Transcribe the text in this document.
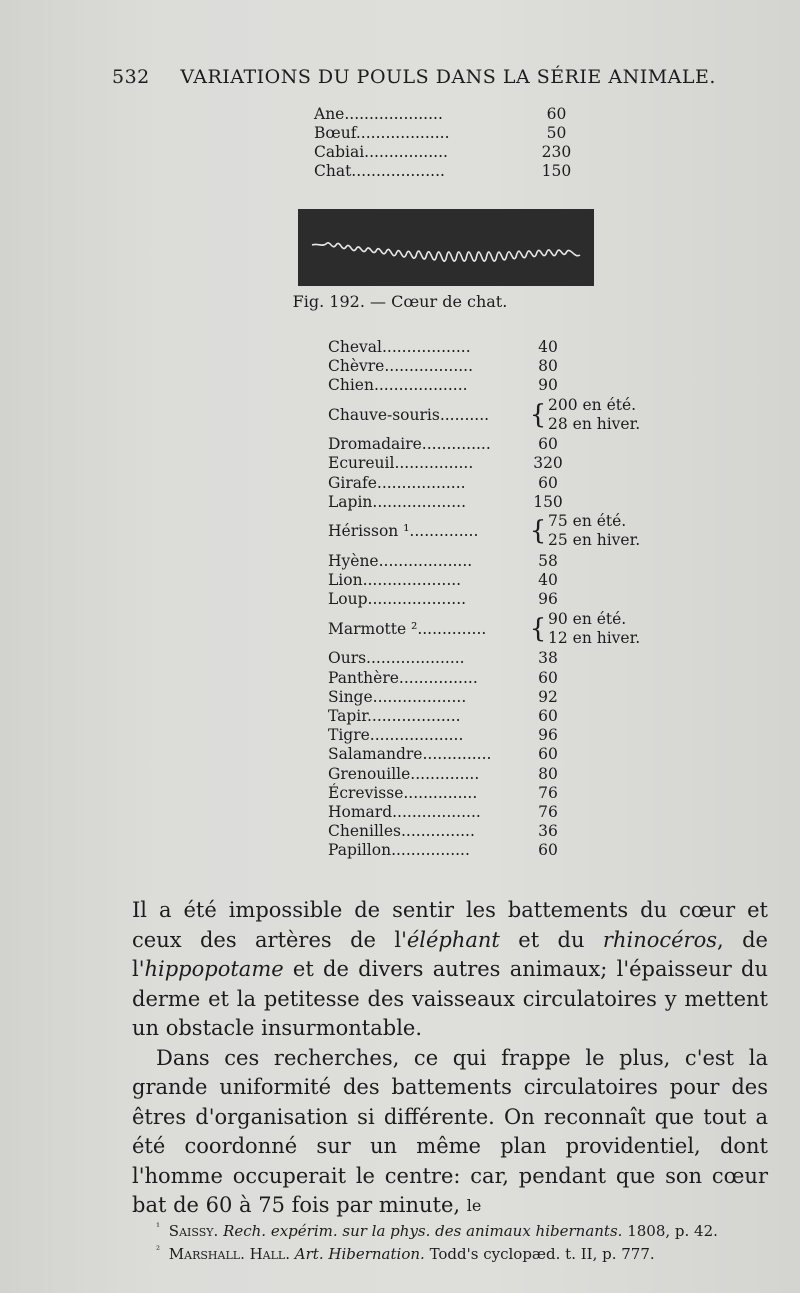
532 VARIATIONS DU POULS DANS LA SÉRIE ANIMALE.
Ane....................	60
Bœuf...................	50
Cabiai.................	230
Chat...................	150
Fig. 192. — Cœur de chat.
Cheval..................	40
Chèvre..................	80
Chien...................	90
Chauve-souris..........	{ 200 en été.
28 en hiver.
Dromadaire..............	60
Ecureuil................	320
Girafe..................	60
Lapin...................	150
Hérisson ¹..............	{ 75 en été.
25 en hiver.
Hyène...................	58
Lion....................	40
Loup....................	96
Marmotte ²..............	{ 90 en été.
12 en hiver.
Ours....................	38
Panthère................	60
Singe...................	92
Tapir...................	60
Tigre...................	96
Salamandre..............	60
Grenouille..............	80
Écrevisse...............	76
Homard..................	76
Chenilles...............	36
Papillon................	60

Il a été impossible de sentir les battements du cœur et ceux des artères de l'éléphant et du rhinocéros, de l'hippopotame et de divers autres animaux; l'épaisseur du derme et la petitesse des vaisseaux circulatoires y mettent un obstacle insurmontable.

Dans ces recherches, ce qui frappe le plus, c'est la grande uniformité des battements circulatoires pour des êtres d'organisation si différente. On reconnaît que tout a été coordonné sur un même plan providentiel, dont l'homme occuperait le centre: car, pendant que son cœur bat de 60 à 75 fois par minute, $^{le}$

$^{^1}$ Saissy. Rech. expérim. sur la phys. des animaux hibernants. 1808, p. 42.
$^{^2}$ Marshall. Hall. Art. Hibernation. Todd's cyclopæd. t. II, p. 777.
